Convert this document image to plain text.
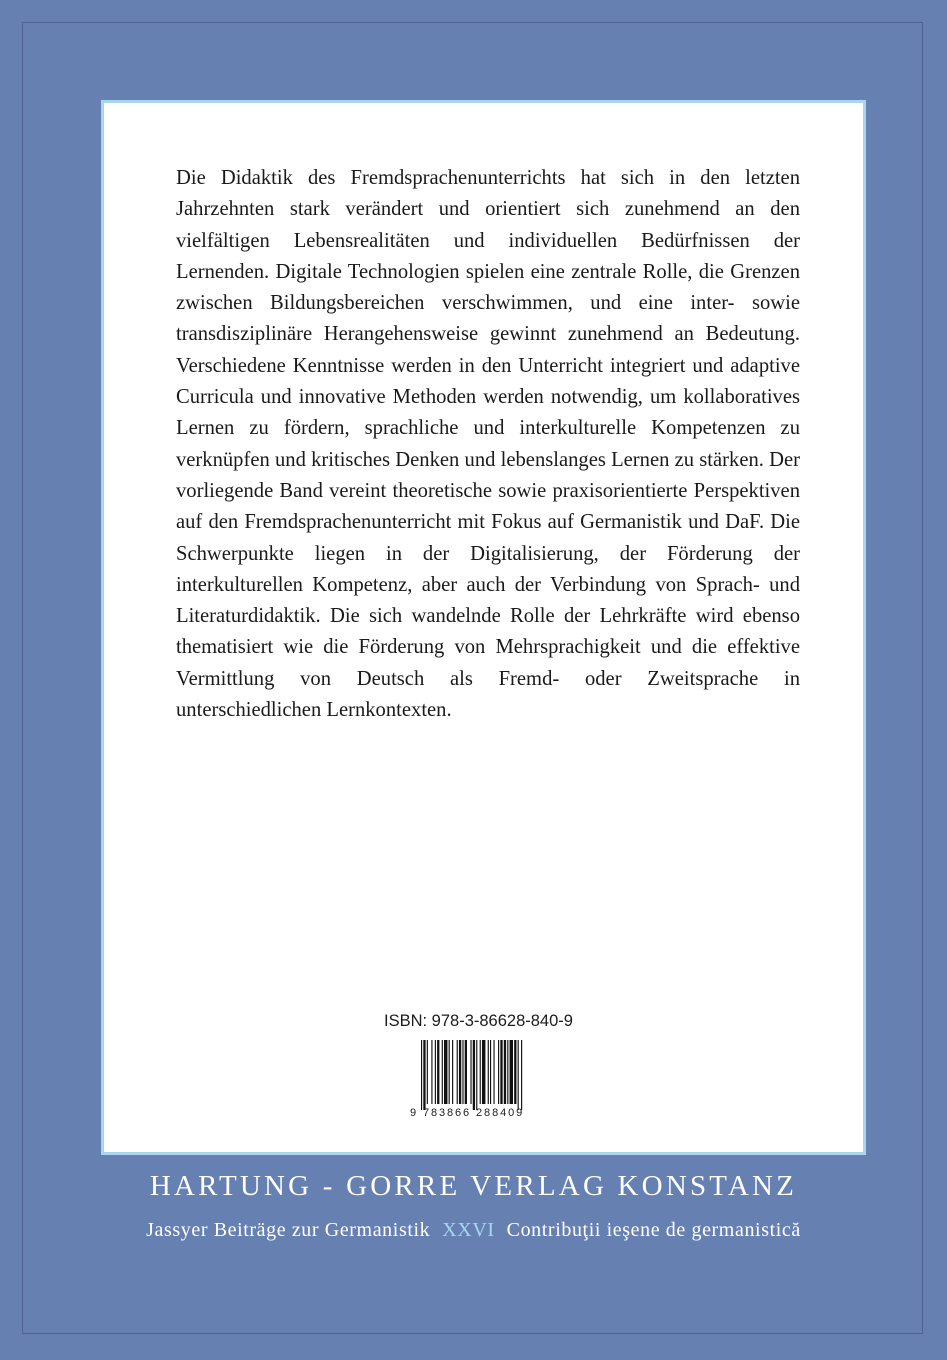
Die Didaktik des Fremdsprachenunterrichts hat sich in den letzten Jahrzehnten stark verändert und orientiert sich zunehmend an den vielfältigen Lebensrealitäten und individuellen Bedürfnissen der Lernenden. Digitale Technologien spielen eine zentrale Rolle, die Grenzen zwischen Bildungsbereichen verschwimmen, und eine inter- sowie transdisziplinäre Herangehensweise gewinnt zunehmend an Bedeutung. Verschiedene Kenntnisse werden in den Unterricht integriert und adaptive Curricula und innovative Methoden werden notwendig, um kollaboratives Lernen zu fördern, sprachliche und interkulturelle Kompetenzen zu verknüpfen und kritisches Denken und lebenslanges Lernen zu stärken. Der vorliegende Band vereint theoretische sowie praxisorientierte Perspektiven auf den Fremdsprachenunterricht mit Fokus auf Germanistik und DaF. Die Schwerpunkte liegen in der Digitalisierung, der Förderung der interkulturellen Kompetenz, aber auch der Verbindung von Sprach- und Literaturdidaktik. Die sich wandelnde Rolle der Lehrkräfte wird ebenso thematisiert wie die Förderung von Mehrsprachigkeit und die effektive Vermittlung von Deutsch als Fremd- oder Zweitsprache in unterschiedlichen Lernkontexten.

ISBN: 978-3-86628-840-9
9 783866 288409
HARTUNG - GORRE VERLAG KONSTANZ
Jassyer Beiträge zur Germanistik XXVI Contribuţii ieşene de germanistică
